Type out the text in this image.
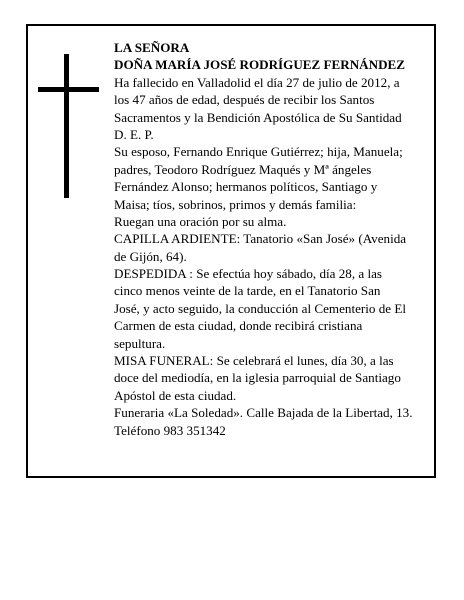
LA SEÑORA
DOÑA MARÍA JOSÉ RODRÍGUEZ FERNÁNDEZ
Ha fallecido en Valladolid el día 27 de julio de 2012, a
los 47 años de edad, después de recibir los Santos
Sacramentos y la Bendición Apostólica de Su Santidad
D. E. P.
Su esposo, Fernando Enrique Gutiérrez; hija, Manuela;
padres, Teodoro Rodríguez Maqués y Mª ángeles
Fernández Alonso; hermanos políticos, Santiago y
Maisa; tíos, sobrinos, primos y demás familia:
Ruegan una oración por su alma.
CAPILLA ARDIENTE: Tanatorio «San José» (Avenida
de Gijón, 64).
DESPEDIDA : Se efectúa hoy sábado, día 28, a las
cinco menos veinte de la tarde, en el Tanatorio San
José, y acto seguido, la conducción al Cementerio de El
Carmen de esta ciudad, donde recibirá cristiana
sepultura.
MISA FUNERAL: Se celebrará el lunes, día 30, a las
doce del mediodía, en la iglesia parroquial de Santiago
Apóstol de esta ciudad.
Funeraria «La Soledad». Calle Bajada de la Libertad, 13.
Teléfono 983 351342
